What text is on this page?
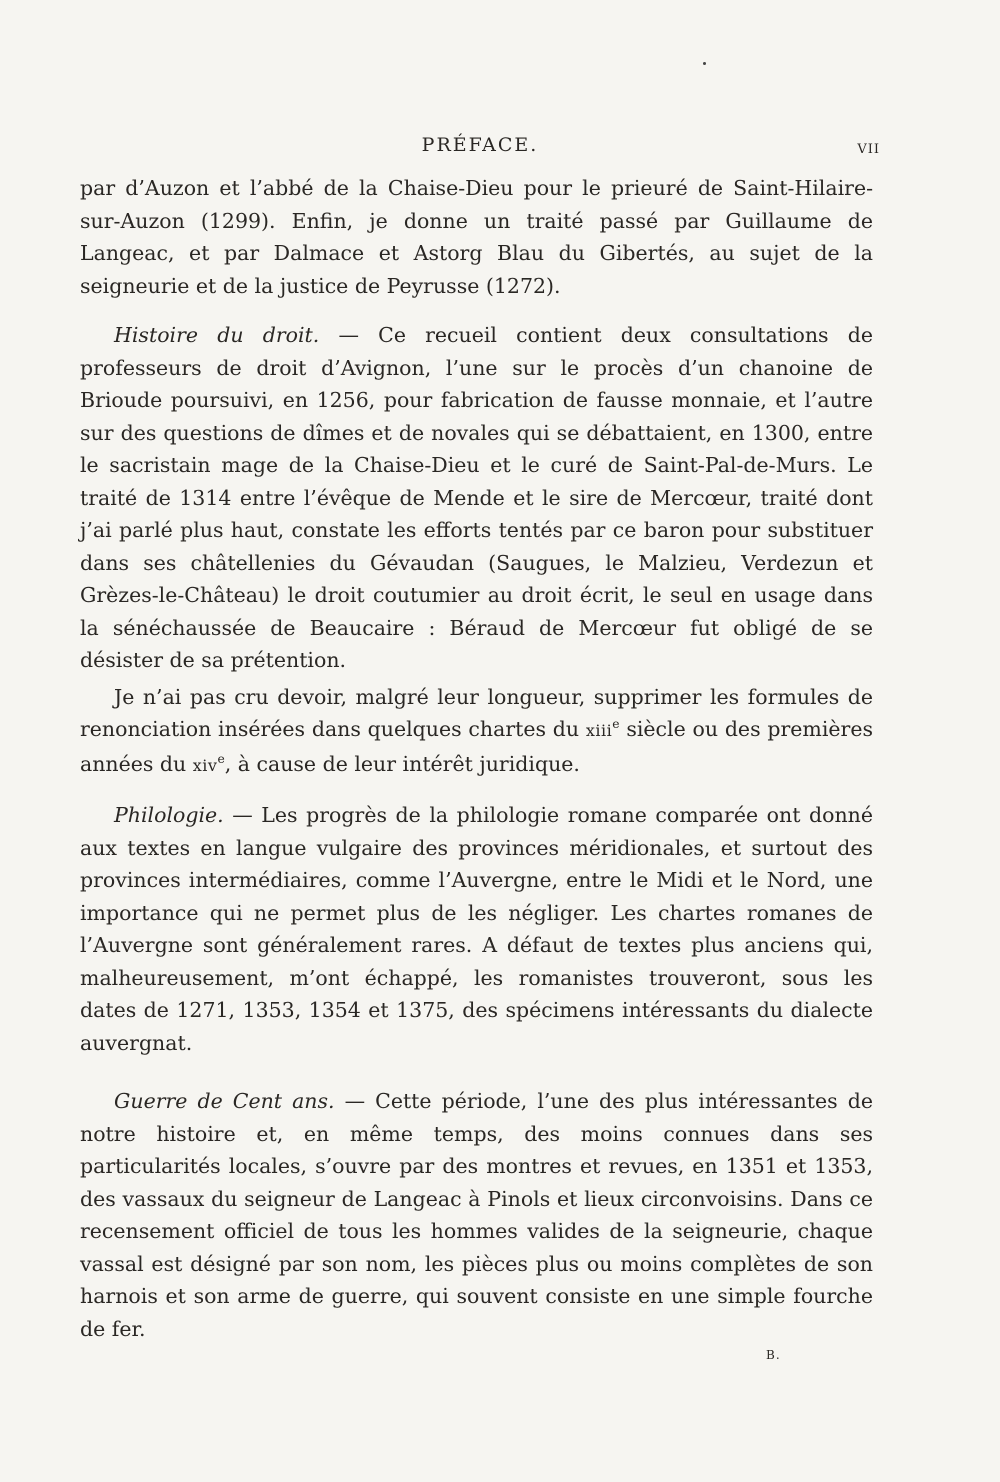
PRÉFACE.	VII

par d’Auzon et l’abbé de la Chaise-Dieu pour le prieuré de Saint-Hilaire-sur-Auzon (1299). Enfin, je donne un traité passé par Guillaume de Langeac, et par Dalmace et Astorg Blau du Gibertés, au sujet de la seigneurie et de la justice de Peyrusse (1272).

Histoire du droit. — Ce recueil contient deux consultations de professeurs de droit d’Avignon, l’une sur le procès d’un chanoine de Brioude poursuivi, en 1256, pour fabrication de fausse monnaie, et l’autre sur des questions de dîmes et de novales qui se débattaient, en 1300, entre le sacristain mage de la Chaise-Dieu et le curé de Saint-Pal-de-Murs. Le traité de 1314 entre l’évêque de Mende et le sire de Mercœur, traité dont j’ai parlé plus haut, constate les efforts tentés par ce baron pour substituer dans ses châtellenies du Gévaudan (Saugues, le Malzieu, Verdezun et Grèzes-le-Château) le droit coutumier au droit écrit, le seul en usage dans la sénéchaussée de Beaucaire : Béraud de Mercœur fut obligé de se désister de sa prétention.

Je n’ai pas cru devoir, malgré leur longueur, supprimer les formules de renonciation insérées dans quelques chartes du xiii$^e$ siècle ou des premières années du xiv$^e$, à cause de leur intérêt juridique.

Philologie. — Les progrès de la philologie romane comparée ont donné aux textes en langue vulgaire des provinces méridionales, et surtout des provinces intermédiaires, comme l’Auvergne, entre le Midi et le Nord, une importance qui ne permet plus de les négliger. Les chartes romanes de l’Auvergne sont généralement rares. A défaut de textes plus anciens qui, malheureusement, m’ont échappé, les romanistes trouveront, sous les dates de 1271, 1353, 1354 et 1375, des spécimens intéressants du dialecte auvergnat.

Guerre de Cent ans. — Cette période, l’une des plus intéressantes de notre histoire et, en même temps, des moins connues dans ses particularités locales, s’ouvre par des montres et revues, en 1351 et 1353, des vassaux du seigneur de Langeac à Pinols et lieux circonvoisins. Dans ce recensement officiel de tous les hommes valides de la seigneurie, chaque vassal est désigné par son nom, les pièces plus ou moins complètes de son harnois et son arme de guerre, qui souvent consiste en une simple fourche de fer.

B.
